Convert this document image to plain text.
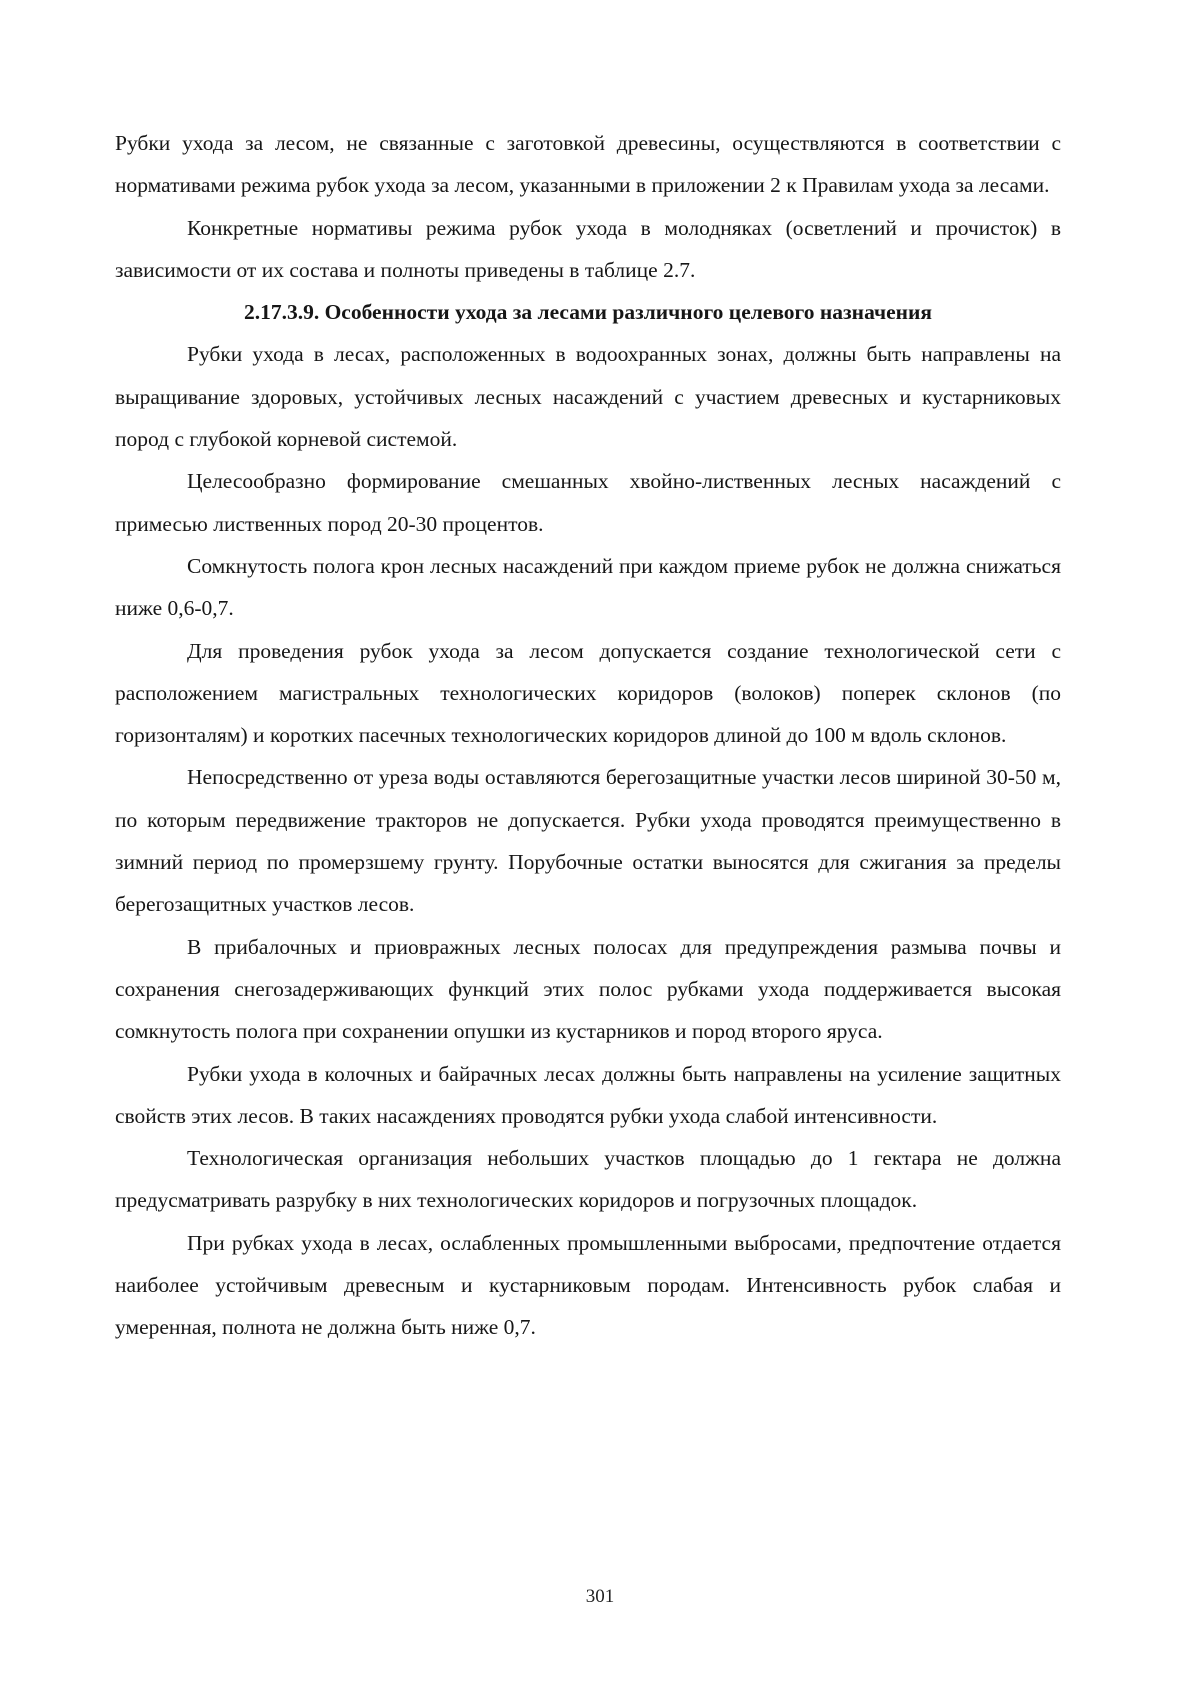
Рубки ухода за лесом, не связанные с заготовкой древесины, осуществляются в соответствии с нормативами режима рубок ухода за лесом, указанными в приложении 2 к Правилам ухода за лесами.

Конкретные нормативы режима рубок ухода в молодняках (осветлений и прочисток) в зависимости от их состава и полноты приведены в таблице 2.7.

2.17.3.9. Особенности ухода за лесами различного целевого назначения

Рубки ухода в лесах, расположенных в водоохранных зонах, должны быть направлены на выращивание здоровых, устойчивых лесных насаждений с участием древесных и кустарниковых пород с глубокой корневой системой.

Целесообразно формирование смешанных хвойно-лиственных лесных насаждений с примесью лиственных пород 20-30 процентов.

Сомкнутость полога крон лесных насаждений при каждом приеме рубок не должна снижаться ниже 0,6-0,7.

Для проведения рубок ухода за лесом допускается создание технологической сети с расположением магистральных технологических коридоров (волоков) поперек склонов (по горизонталям) и коротких пасечных технологических коридоров длиной до 100 м вдоль склонов.

Непосредственно от уреза воды оставляются берегозащитные участки лесов шириной 30-50 м, по которым передвижение тракторов не допускается. Рубки ухода проводятся преимущественно в зимний период по промерзшему грунту. Порубочные остатки выносятся для сжигания за пределы берегозащитных участков лесов.

В прибалочных и приовражных лесных полосах для предупреждения размыва почвы и сохранения снегозадерживающих функций этих полос рубками ухода поддерживается высокая сомкнутость полога при сохранении опушки из кустарников и пород второго яруса.

Рубки ухода в колочных и байрачных лесах должны быть направлены на усиление защитных свойств этих лесов. В таких насаждениях проводятся рубки ухода слабой интенсивности.

Технологическая организация небольших участков площадью до 1 гектара не должна предусматривать разрубку в них технологических коридоров и погрузочных площадок.

При рубках ухода в лесах, ослабленных промышленными выбросами, предпочтение отдается наиболее устойчивым древесным и кустарниковым породам. Интенсивность рубок слабая и умеренная, полнота не должна быть ниже 0,7.

301
